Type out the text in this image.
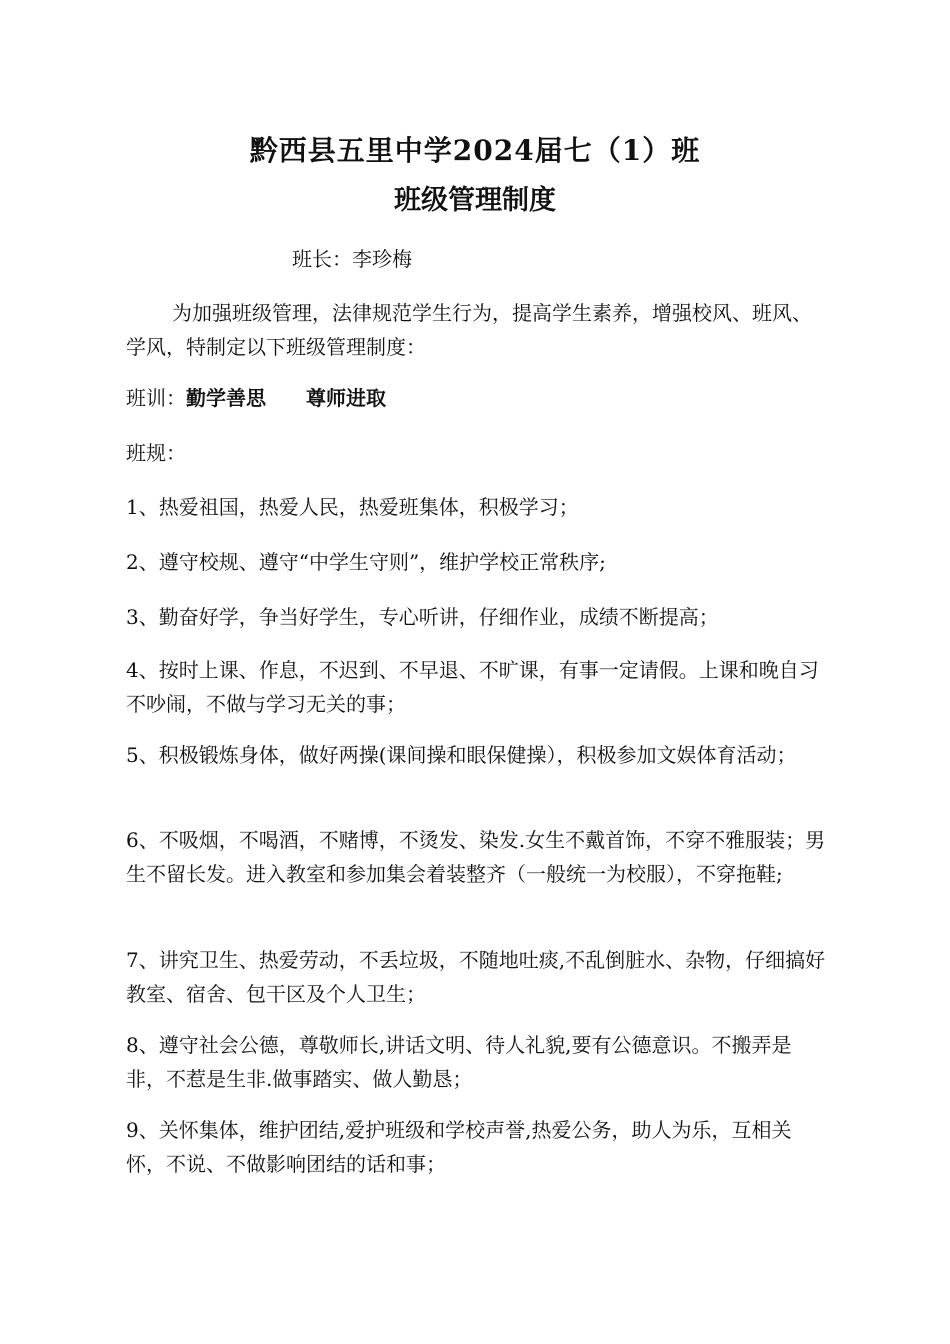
黔西县五里中学2024届七（1）班
班级管理制度
班长：李珍梅

为加强班级管理，法律规范学生行为，提高学生素养，增强校风、班风、学风，特制定以下班级管理制度：

班训：勤学善思 尊师进取

班规：

1、热爱祖国，热爱人民，热爱班集体，积极学习；

2、遵守校规、遵守“中学生守则”，维护学校正常秩序;

3、勤奋好学，争当好学生，专心听讲，仔细作业，成绩不断提高；

4、按时上课、作息，不迟到、不早退、不旷课，有事一定请假。上课和晚自习不吵闹，不做与学习无关的事；

5、积极锻炼身体，做好两操(课间操和眼保健操），积极参加文娱体育活动；

6、不吸烟，不喝酒，不赌博，不烫发、染发.女生不戴首饰，不穿不雅服装；男生不留长发。进入教室和参加集会着装整齐（一般统一为校服），不穿拖鞋;

7、讲究卫生、热爱劳动，不丢垃圾，不随地吐痰,不乱倒脏水、杂物，仔细搞好教室、宿舍、包干区及个人卫生；

8、遵守社会公德，尊敬师长,讲话文明、待人礼貌,要有公德意识。不搬弄是非，不惹是生非.做事踏实、做人勤恳；

9、关怀集体，维护团结,爱护班级和学校声誉,热爱公务，助人为乐，互相关怀，不说、不做影响团结的话和事；
